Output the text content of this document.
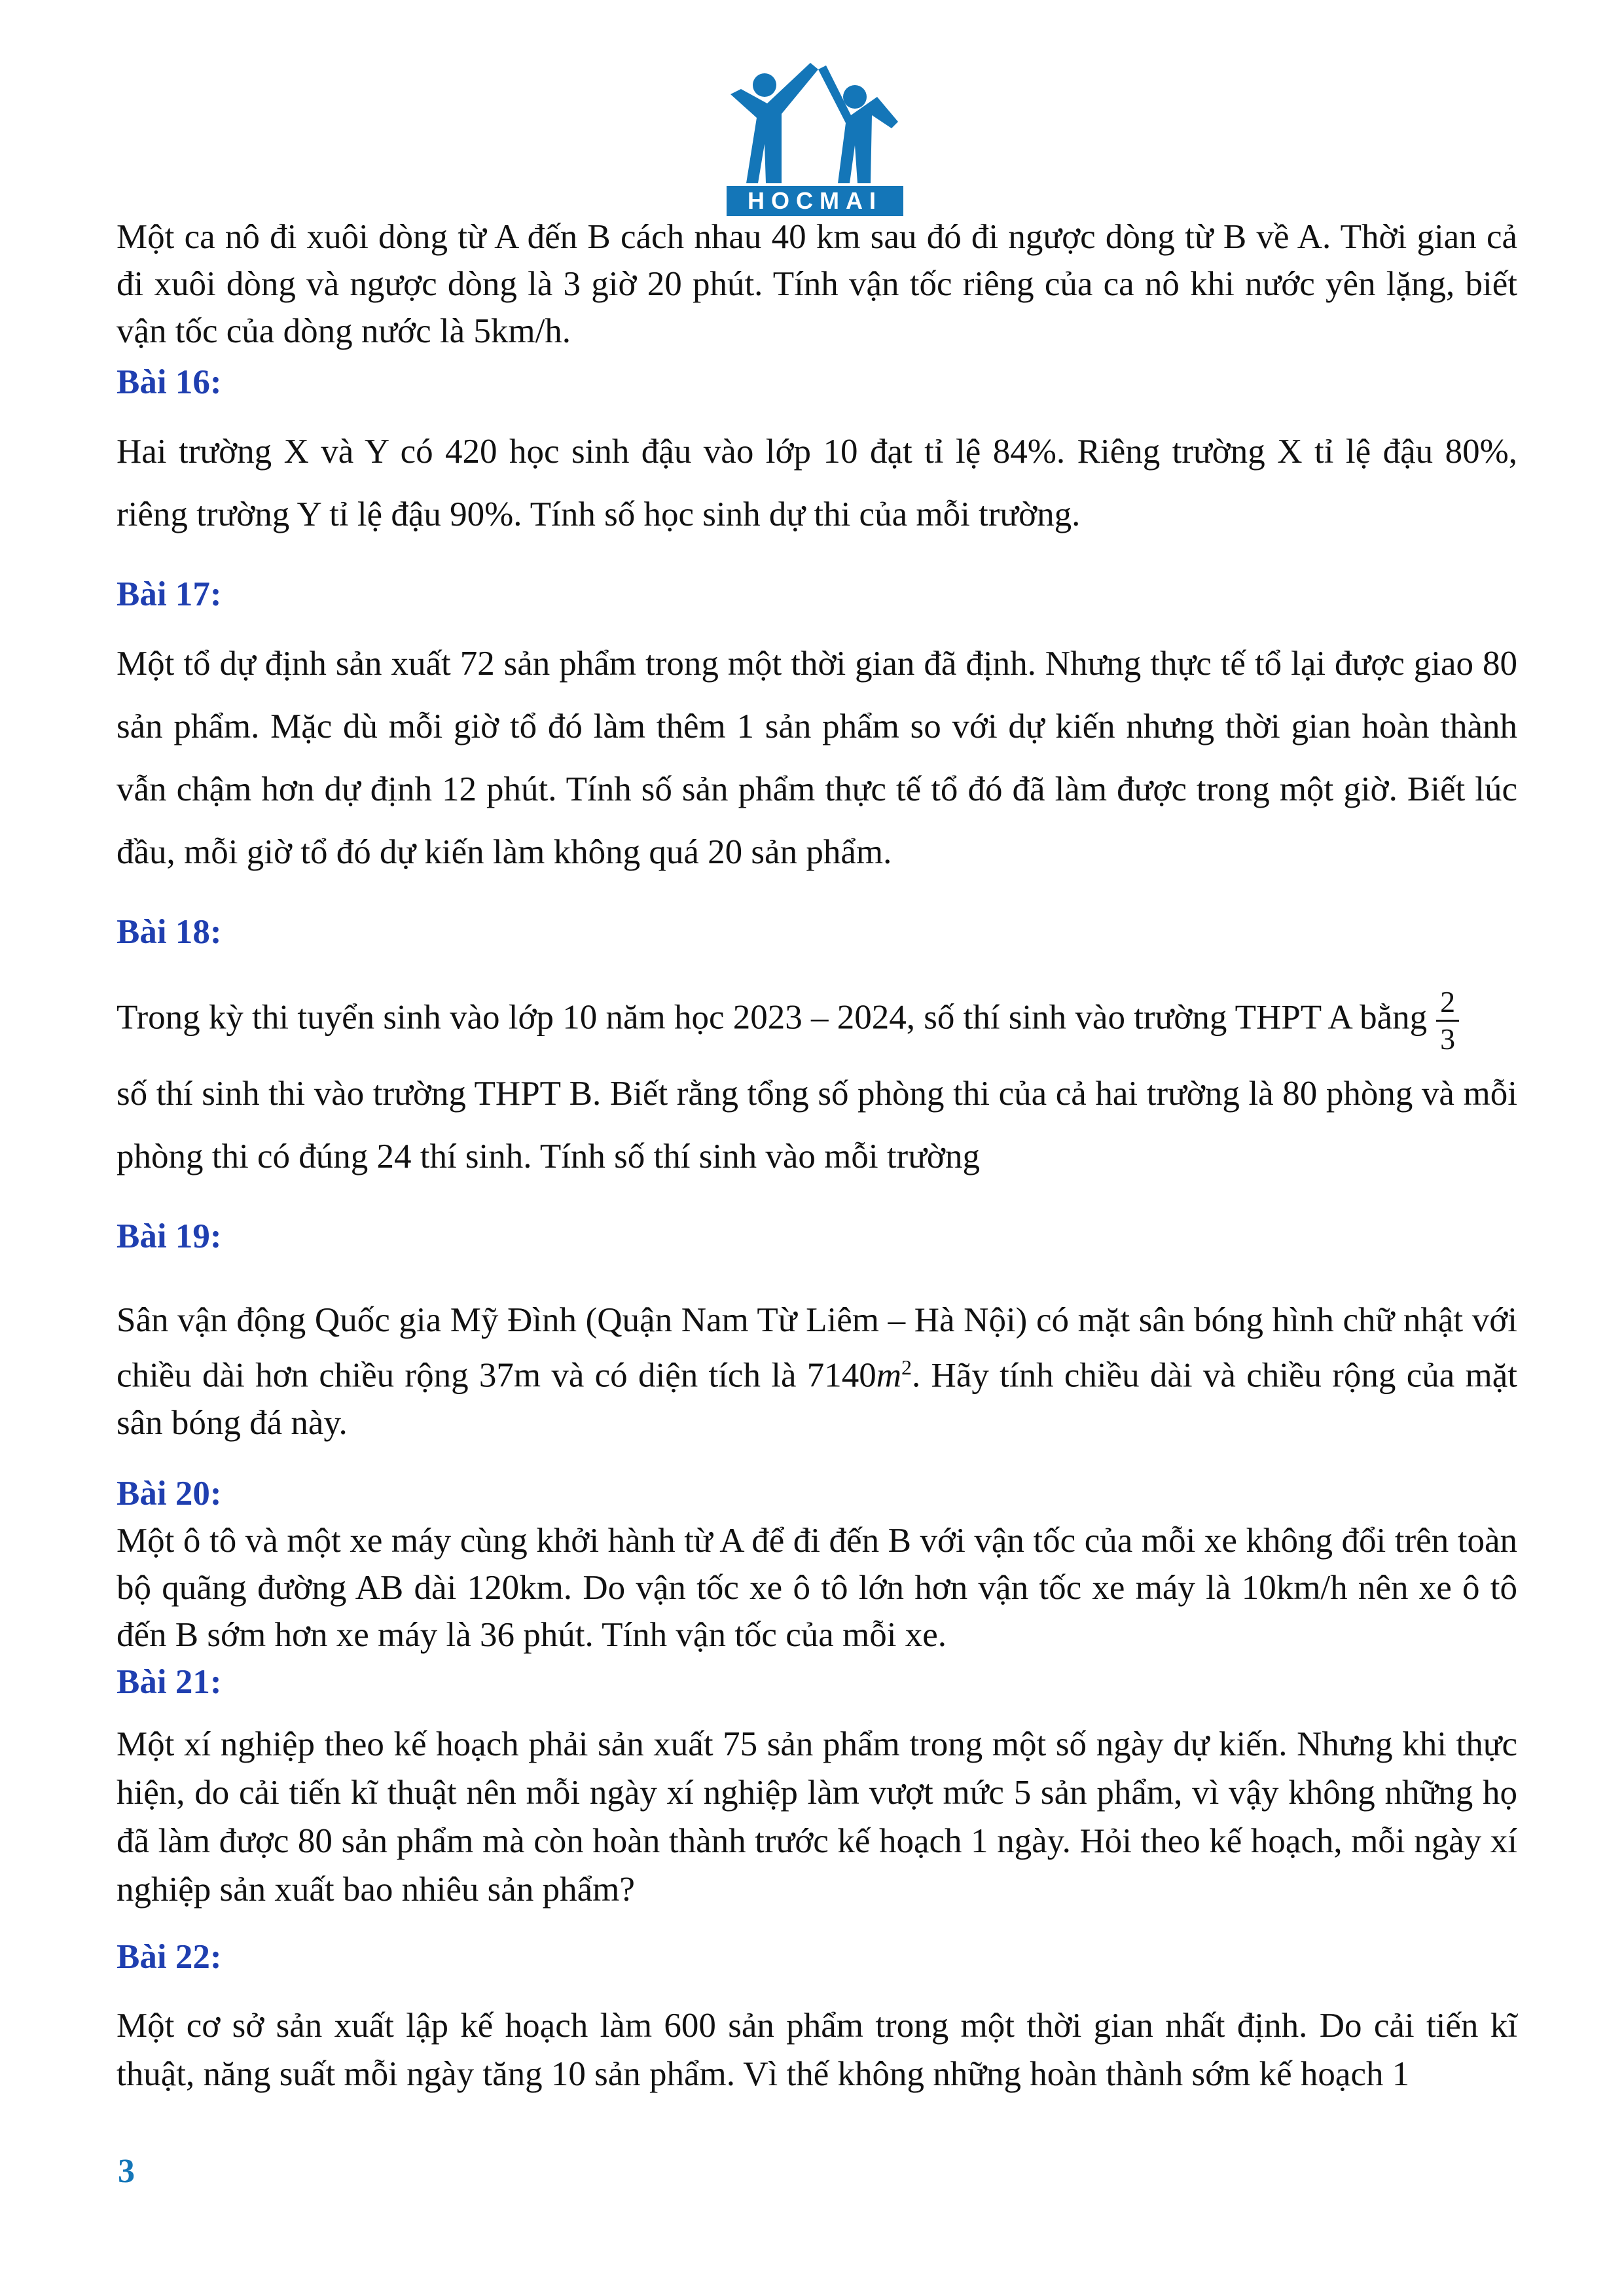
HOCMAI

Một ca nô đi xuôi dòng từ A đến B cách nhau 40 km sau đó đi ngược dòng từ B về A. Thời gian cả đi xuôi dòng và ngược dòng là 3 giờ 20 phút. Tính vận tốc riêng của ca nô khi nước yên lặng, biết vận tốc của dòng nước là 5km/h.

Bài 16:

Hai trường X và Y có 420 học sinh đậu vào lớp 10 đạt tỉ lệ 84%. Riêng trường X tỉ lệ đậu 80%, riêng trường Y tỉ lệ đậu 90%. Tính số học sinh dự thi của mỗi trường.

Bài 17:

Một tổ dự định sản xuất 72 sản phẩm trong một thời gian đã định. Nhưng thực tế tổ lại được giao 80 sản phẩm. Mặc dù mỗi giờ tổ đó làm thêm 1 sản phẩm so với dự kiến nhưng thời gian hoàn thành vẫn chậm hơn dự định 12 phút. Tính số sản phẩm thực tế tổ đó đã làm được trong một giờ. Biết lúc đầu, mỗi giờ tổ đó dự kiến làm không quá 20 sản phẩm.

Bài 18:

Trong kỳ thi tuyển sinh vào lớp 10 năm học 2023 – 2024, số thí sinh vào trường THPT A bằng $\frac{2}{3}$

số thí sinh thi vào trường THPT B. Biết rằng tổng số phòng thi của cả hai trường là 80 phòng và mỗi phòng thi có đúng 24 thí sinh. Tính số thí sinh vào mỗi trường

Bài 19:

Sân vận động Quốc gia Mỹ Đình (Quận Nam Từ Liêm – Hà Nội) có mặt sân bóng hình chữ nhật với chiều dài hơn chiều rộng 37m và có diện tích là $7140m^2$. Hãy tính chiều dài và chiều rộng của mặt sân bóng đá này.

Bài 20:

Một ô tô và một xe máy cùng khởi hành từ A để đi đến B với vận tốc của mỗi xe không đổi trên toàn bộ quãng đường AB dài 120km. Do vận tốc xe ô tô lớn hơn vận tốc xe máy là 10km/h nên xe ô tô đến B sớm hơn xe máy là 36 phút. Tính vận tốc của mỗi xe.

Bài 21:

Một xí nghiệp theo kế hoạch phải sản xuất 75 sản phẩm trong một số ngày dự kiến. Nhưng khi thực hiện, do cải tiến kĩ thuật nên mỗi ngày xí nghiệp làm vượt mức 5 sản phẩm, vì vậy không những họ đã làm được 80 sản phẩm mà còn hoàn thành trước kế hoạch 1 ngày. Hỏi theo kế hoạch, mỗi ngày xí nghiệp sản xuất bao nhiêu sản phẩm?

Bài 22:

Một cơ sở sản xuất lập kế hoạch làm 600 sản phẩm trong một thời gian nhất định. Do cải tiến kĩ thuật, năng suất mỗi ngày tăng 10 sản phẩm. Vì thế không những hoàn thành sớm kế hoạch 1

3
